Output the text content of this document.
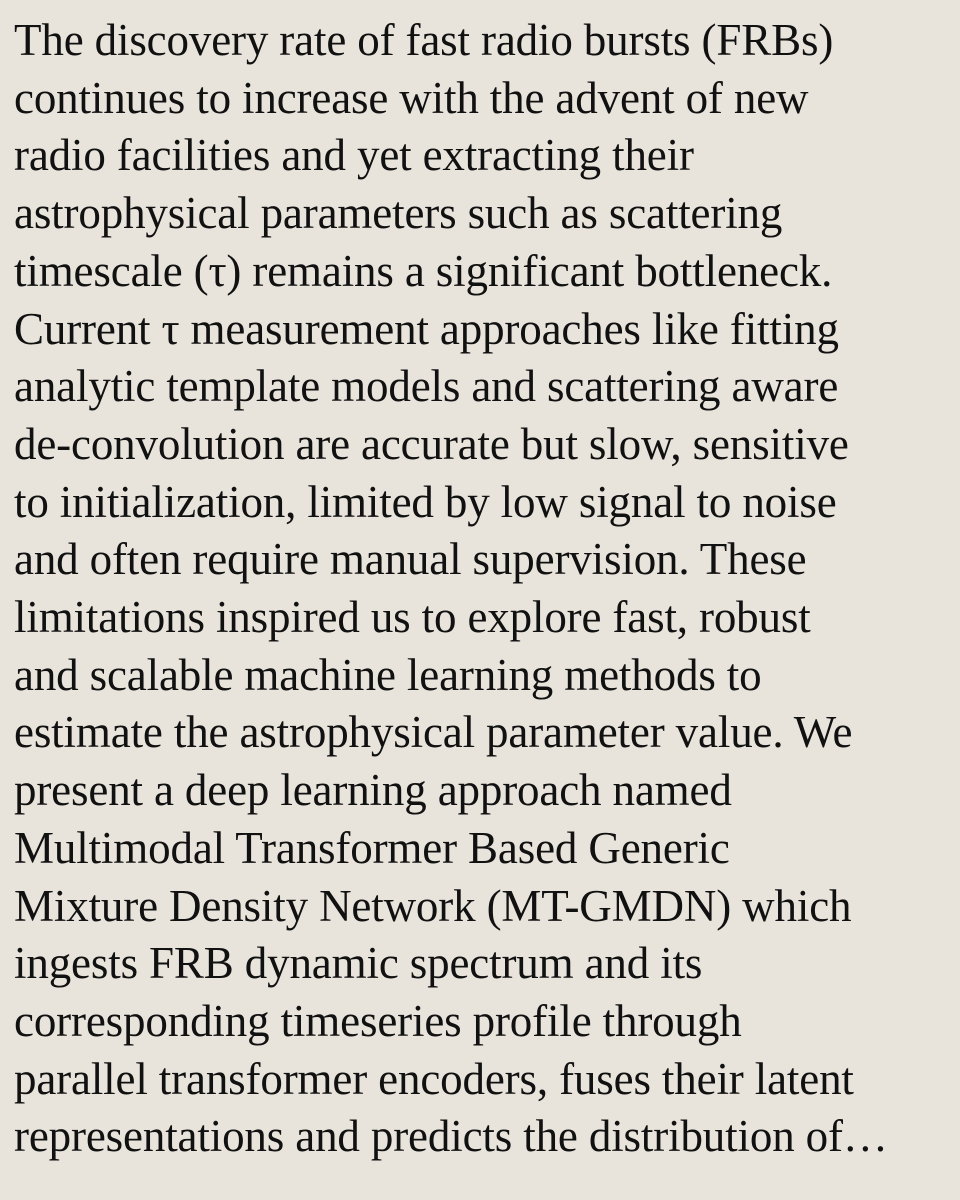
The discovery rate of fast radio bursts (FRBs)
continues to increase with the advent of new
radio facilities and yet extracting their
astrophysical parameters such as scattering
timescale (τ) remains a significant bottleneck.
Current τ measurement approaches like fitting
analytic template models and scattering aware
de-convolution are accurate but slow, sensitive
to initialization, limited by low signal to noise
and often require manual supervision. These
limitations inspired us to explore fast, robust
and scalable machine learning methods to
estimate the astrophysical parameter value. We
present a deep learning approach named
Multimodal Transformer Based Generic
Mixture Density Network (MT-GMDN) which
ingests FRB dynamic spectrum and its
corresponding timeseries profile through
parallel transformer encoders, fuses their latent
representations and predicts the distribution of…
